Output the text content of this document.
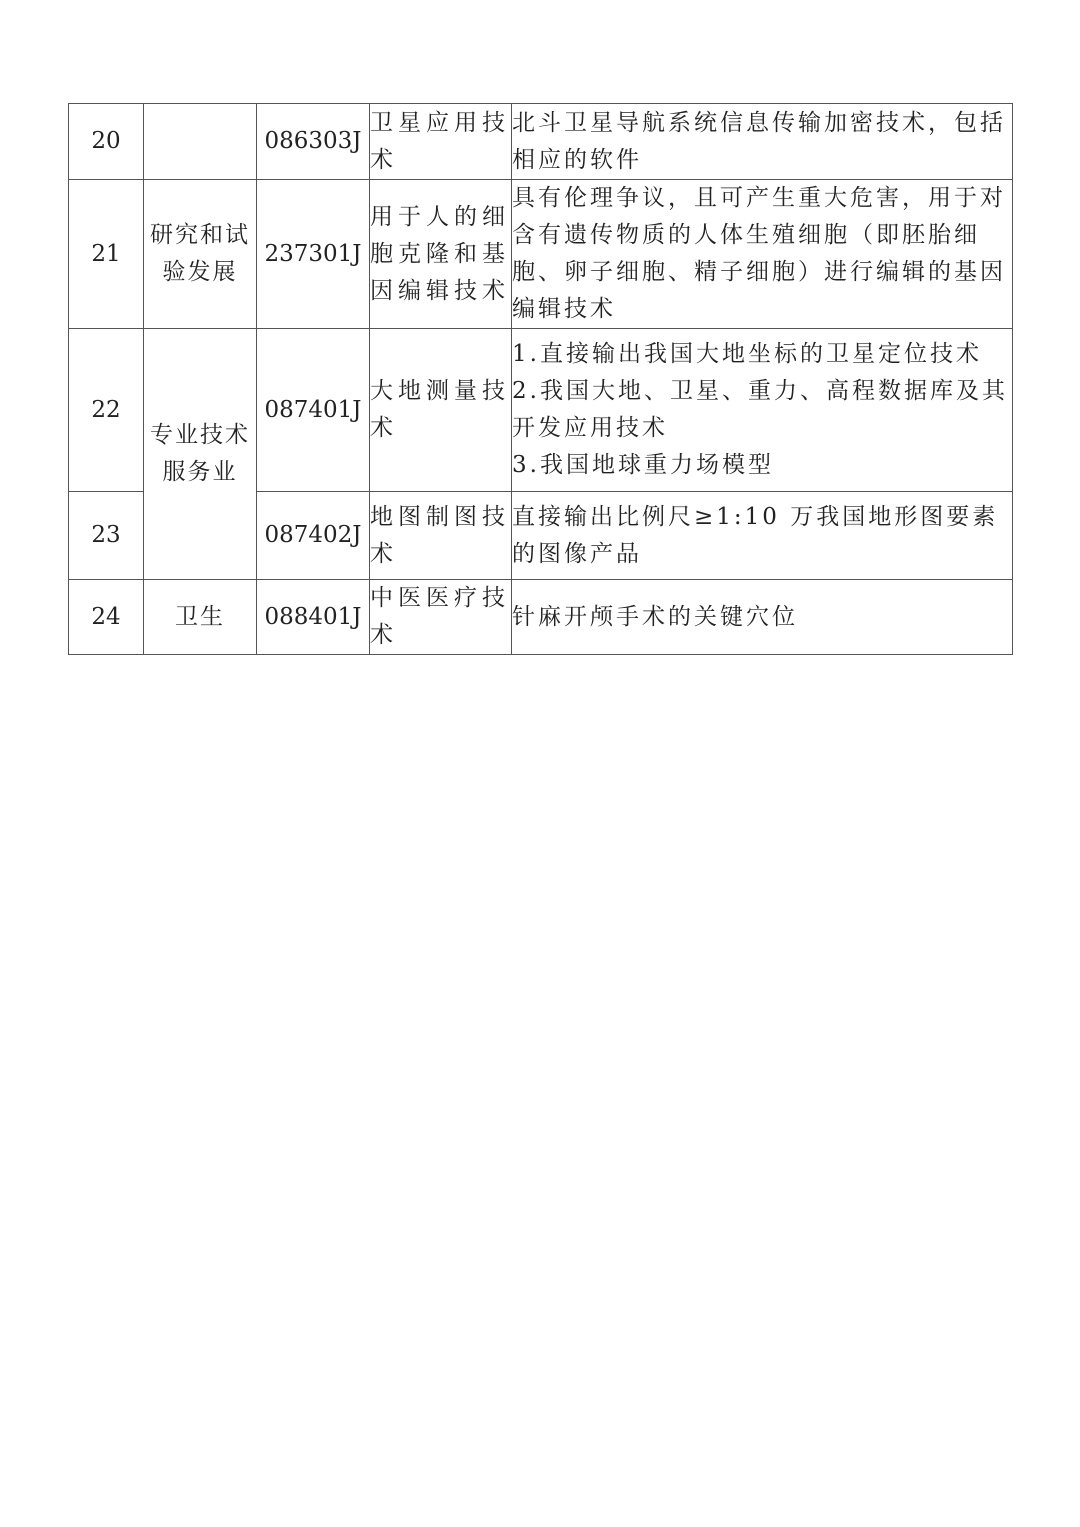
20		086303J	卫星应用技术	北斗卫星导航系统信息传输加密技术，包括相应的软件
21	研究和试验发展	237301J	用于人的细胞克隆和基因编辑技术	具有伦理争议，且可产生重大危害，用于对含有遗传物质的人体生殖细胞（即胚胎细胞、卵子细胞、精子细胞）进行编辑的基因编辑技术
22	专业技术服务业	087401J	大地测量技术	1.直接输出我国大地坐标的卫星定位技术
2.我国大地、卫星、重力、高程数据库及其开发应用技术
3.我国地球重力场模型

23		087402J	地图制图技术	直接输出比例尺≥1:10 万我国地形图要素的图像产品
24	卫生	088401J	中医医疗技术	针麻开颅手术的关键穴位
